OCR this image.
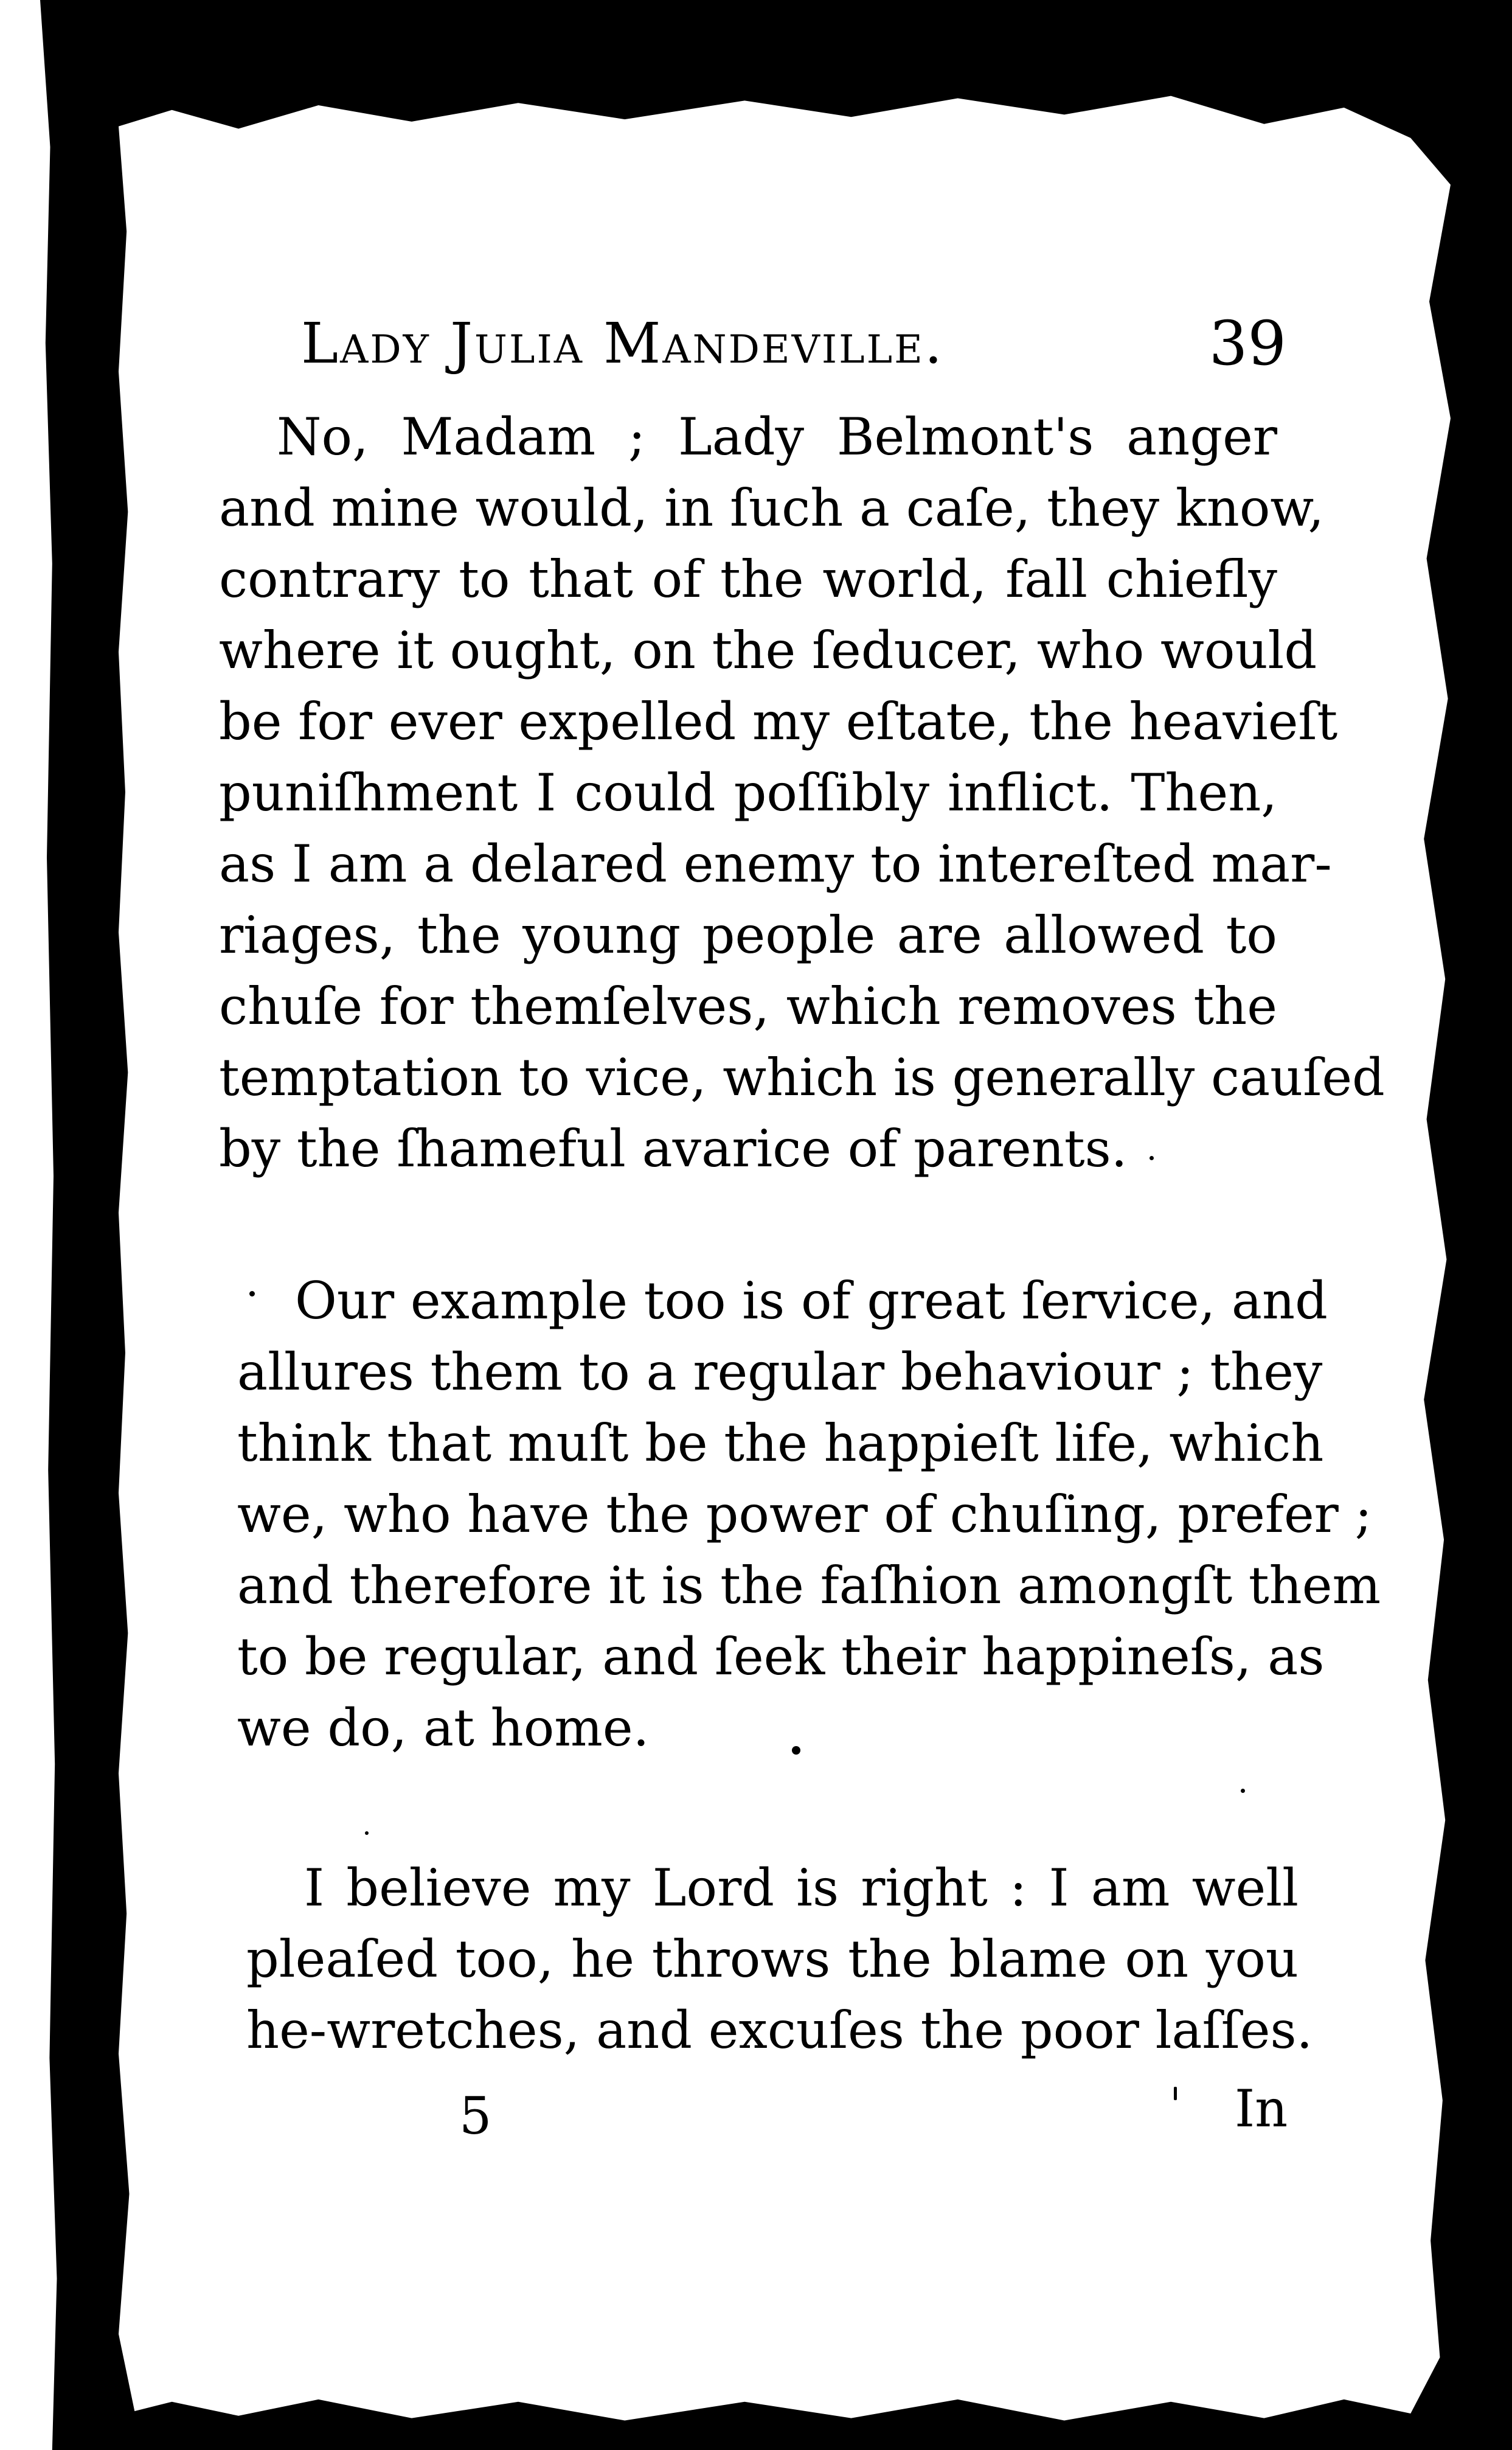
Lady Julia Mandeville.	39

No, Madam ; Lady Belmont's anger
and mine would, in ſuch a caſe, they know,
contrary to that of the world, fall chiefly
where it ought, on the ſeducer, who would
be for ever expelled my eſtate, the heavieſt
puniſhment I could poſſibly inflict. Then,
as I am a delared enemy to intereſted mar-
riages, the young people are allowed to
chuſe for themſelves, which removes the
temptation to vice, which is generally cauſed
by the ſhameful avarice of parents.

Our example too is of great ſervice, and
allures them to a regular behaviour ; they
think that muſt be the happieſt life, which
we, who have the power of chuſing, prefer ;
and therefore it is the faſhion amongſt them
to be regular, and ſeek their happineſs, as
we do, at home.

I believe my Lord is right : I am well
pleaſed too, he throws the blame on you
he-wretches, and excuſes the poor laſſes.

5	In
